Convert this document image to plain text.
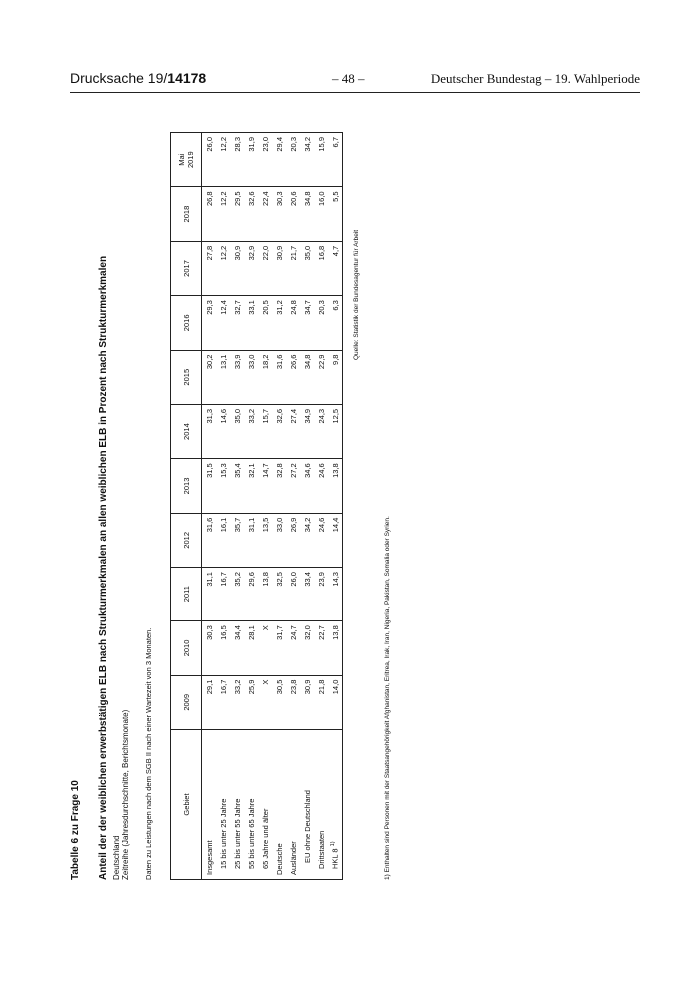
Drucksache 19/14178	– 48 –	Deutscher Bundestag – 19. Wahlperiode
Tabelle 6 zu Frage 10 Anteil der der weiblichen erwerbstätigen ELB nach Strukturmerkmalen an allen weiblichen ELB in Prozent nach Strukturmerkmalen Deutschland Zeitreihe (Jahresdurchschnitte, Berichtsmonate) Daten zu Leistungen nach dem SGB II nach einer Wartezeit von 3 Monaten.	Gebiet	2009	2010	2011	2012	2013	2014	2015	2016	2017	2018	Mai 2019

Insgesamt	29,1	30,3	31,1	31,6	31,5	31,3	30,2	29,3	27,8	26,8	26,0
15 bis unter 25 Jahre	16,7	16,5	16,7	16,1	15,3	14,6	13,1	12,4	12,2	12,2	12,2
25 bis unter 55 Jahre	33,2	34,4	35,2	35,7	35,4	35,0	33,9	32,7	30,9	29,5	28,3
55 bis unter 65 Jahre	25,9	28,1	29,6	31,1	32,1	33,2	33,0	33,1	32,9	32,6	31,9
65 Jahre und älter	X	X	13,8	13,5	14,7	15,7	18,2	20,5	22,0	22,4	23,0
Deutsche	30,5	31,7	32,5	33,0	32,8	32,6	31,6	31,2	30,9	30,3	29,4
Ausländer	23,8	24,7	26,0	26,9	27,2	27,4	26,6	24,8	21,7	20,6	20,3
EU ohne Deutschland	30,9	32,0	33,4	34,2	34,6	34,9	34,8	34,7	35,0	34,8	34,2
Drittstaaten	21,8	22,7	23,9	24,6	24,6	24,3	22,9	20,3	16,8	16,0	15,9
HKL 8 $^{1)}$	14,0	13,8	14,3	14,4	13,8	12,5	9,8	6,3	4,7	5,5	6,7
Quelle: Statistik der Bundesagentur für Arbeit
1) Enthalten sind Personen mit der Staatsangehörigkeit Afghanistan, Eritrea, Irak, Iran, Nigeria, Pakistan, Somalia oder Syrien.
